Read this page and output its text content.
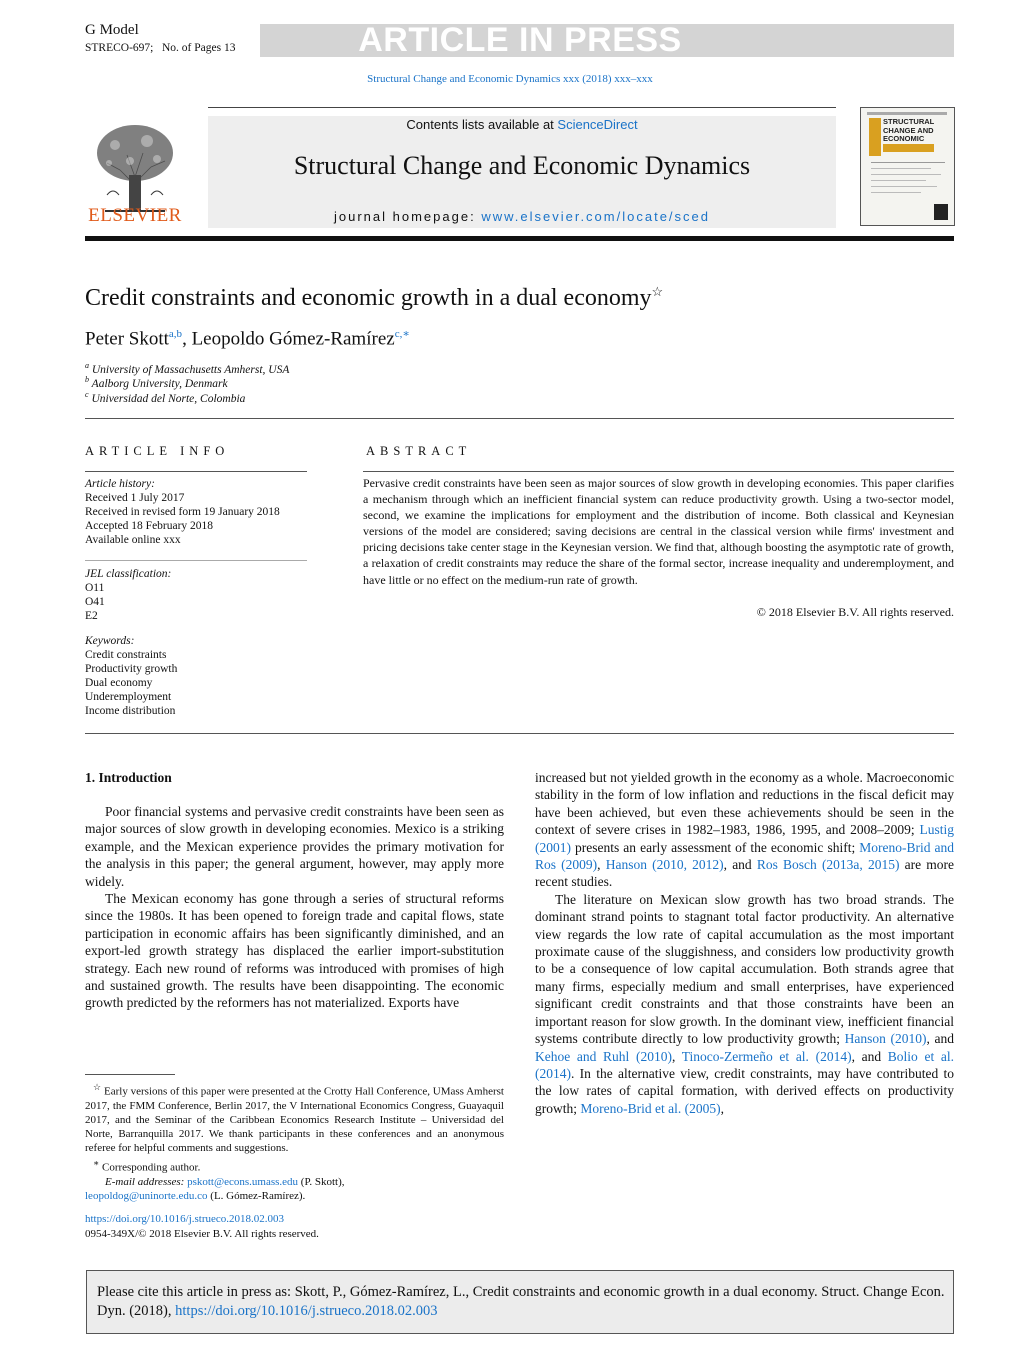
G Model
STRECO-697; No. of Pages 13	ARTICLE IN PRESS
Structural Change and Economic Dynamics xxx (2018) xxx–xxx
ELSEVIER
Contents lists available at ScienceDirect
Structural Change and Economic Dynamics
journal homepage: www.elsevier.com/locate/sced
STRUCTURAL
CHANGE AND
ECONOMIC
DYNAMICS
Credit constraints and economic growth in a dual economy☆
Peter Skott$^{a,b}$, Leopoldo Gómez-Ramírez$^{c,∗}$
$^a$ University of Massachusetts Amherst, USA
$^b$ Aalborg University, Denmark
$^c$ Universidad del Norte, Colombia
ARTICLE INFO
Article history:
Received 1 July 2017
Received in revised form 19 January 2018
Accepted 18 February 2018
Available online xxx
JEL classification:
O11
O41
E2
Keywords:
Credit constraints
Productivity growth
Dual economy
Underemployment
Income distribution
ABSTRACT
Pervasive credit constraints have been seen as major sources of slow growth in developing economies. This paper clarifies a mechanism through which an inefficient financial system can reduce productivity growth. Using a two-sector model, second, we examine the implications for employment and the distribution of income. Both classical and Keynesian versions of the model are considered; saving decisions are central in the classical version while firms' investment and pricing decisions take center stage in the Keynesian version. We find that, although boosting the asymptotic rate of growth, a relaxation of credit constraints may reduce the share of the formal sector, increase inequality and underemployment, and have little or no effect on the medium-run rate of growth.
© 2018 Elsevier B.V. All rights reserved.
1. Introduction

Poor financial systems and pervasive credit constraints have been seen as major sources of slow growth in developing economies. Mexico is a striking example, and the Mexican experience provides the primary motivation for the analysis in this paper; the general argument, however, may apply more widely.

The Mexican economy has gone through a series of structural reforms since the 1980s. It has been opened to foreign trade and capital flows, state participation in economic affairs has been significantly diminished, and an export-led growth strategy has displaced the earlier import-substitution strategy. Each new round of reforms was introduced with promises of high and sustained growth. The results have been disappointing. The economic growth predicted by the reformers has not materialized. Exports have

increased but not yielded growth in the economy as a whole. Macroeconomic stability in the form of low inflation and reductions in the fiscal deficit may have been achieved, but even these achievements should be seen in the context of severe crises in 1982–1983, 1986, 1995, and 2008–2009; Lustig (2001) presents an early assessment of the economic shift; Moreno-Brid and Ros (2009), Hanson (2010, 2012), and Ros Bosch (2013a, 2015) are more recent studies.

The literature on Mexican slow growth has two broad strands. The dominant strand points to stagnant total factor productivity. An alternative view regards the low rate of capital accumulation as the most important proximate cause of the sluggishness, and considers low productivity growth to be a consequence of low capital accumulation. Both strands agree that many firms, especially medium and small enterprises, have experienced significant credit constraints and that those constraints have been an important reason for slow growth. In the dominant view, inefficient financial systems contribute directly to low productivity growth; Hanson (2010), and Kehoe and Ruhl (2010), Tinoco-Zermeño et al. (2014), and Bolio et al. (2014). In the alternative view, credit constraints, may have contributed to the low rates of capital formation, with derived effects on productivity growth; Moreno-Brid et al. (2005),

☆ Early versions of this paper were presented at the Crotty Hall Conference, UMass Amherst 2017, the FMM Conference, Berlin 2017, the V International Economics Congress, Guayaquil 2017, and the Seminar of the Caribbean Economics Research Institute – Universidad del Norte, Barranquilla 2017. We thank participants in these conferences and an anonymous referee for helpful comments and suggestions.
∗ Corresponding author.
E-mail addresses: pskott@econs.umass.edu (P. Skott),
leopoldog@uninorte.edu.co (L. Gómez-Ramírez).
https://doi.org/10.1016/j.strueco.2018.02.003
0954-349X/© 2018 Elsevier B.V. All rights reserved.
Please cite this article in press as: Skott, P., Gómez-Ramírez, L., Credit constraints and economic growth in a dual economy. Struct. Change Econ. Dyn. (2018), https://doi.org/10.1016/j.strueco.2018.02.003
